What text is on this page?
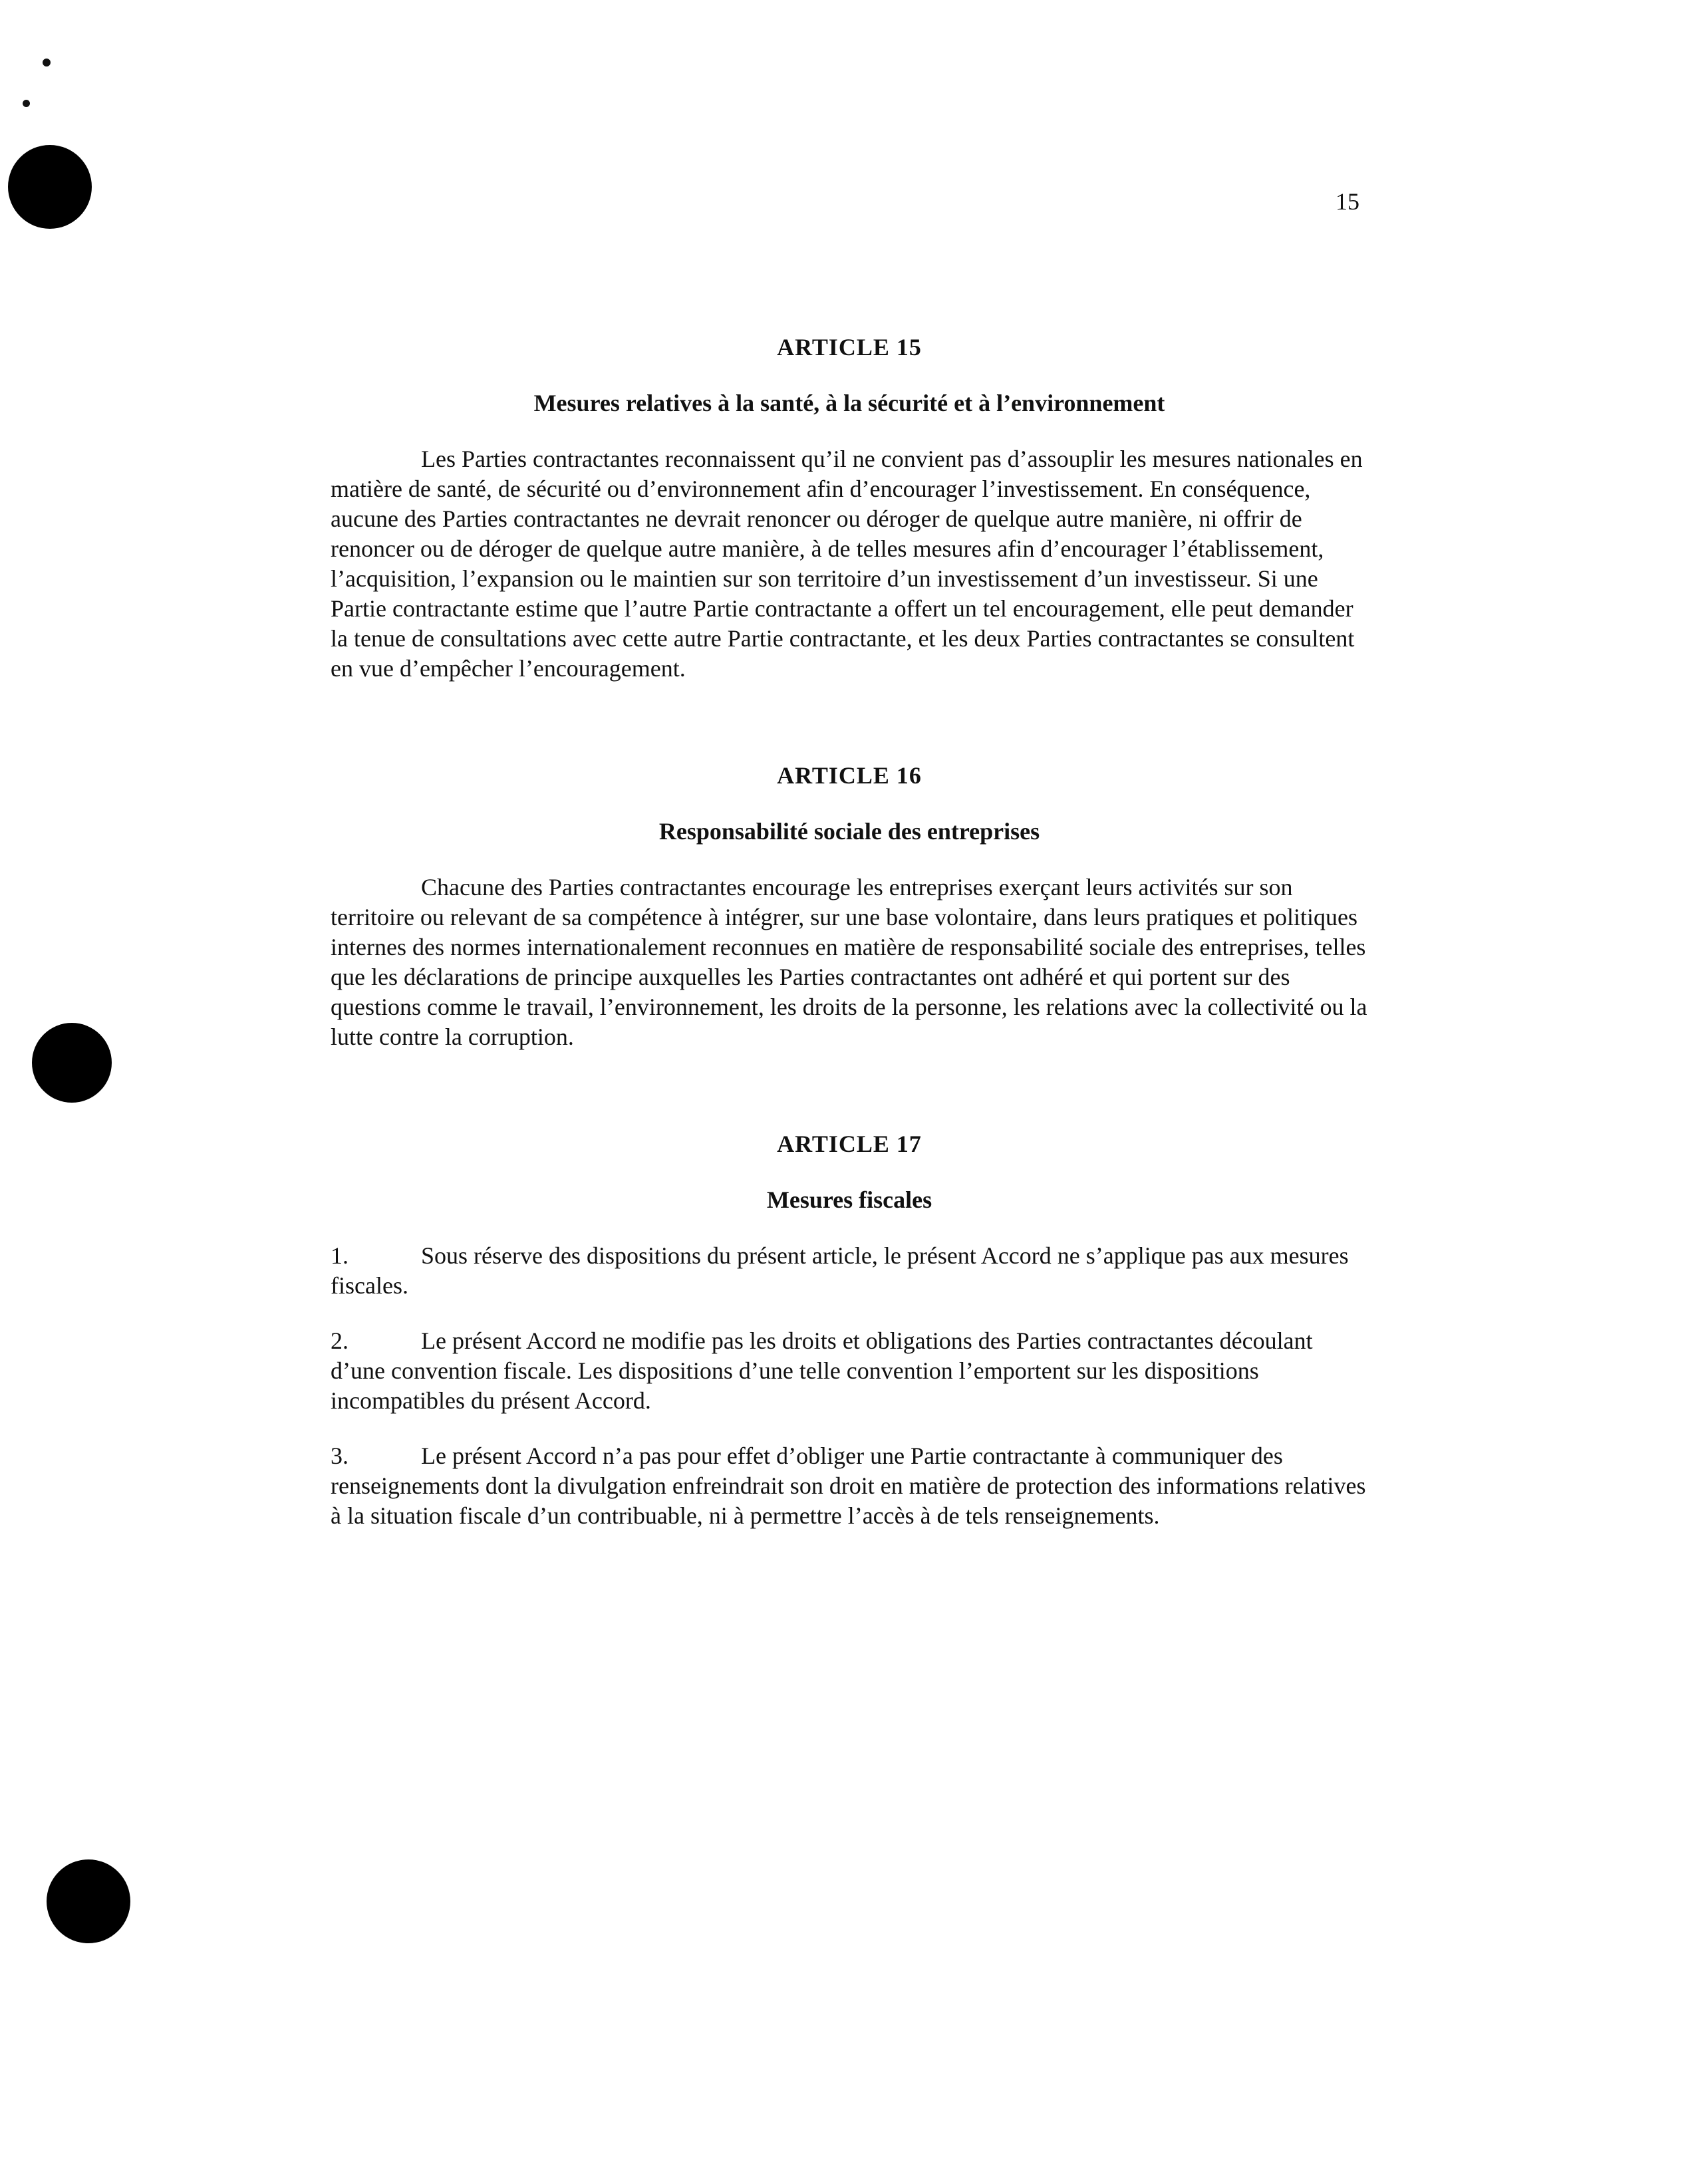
15
ARTICLE 15
Mesures relatives à la santé, à la sécurité et à l’environnement

Les Parties contractantes reconnaissent qu’il ne convient pas d’assouplir les mesures nationales en matière de santé, de sécurité ou d’environnement afin d’encourager l’investissement. En conséquence, aucune des Parties contractantes ne devrait renoncer ou déroger de quelque autre manière, ni offrir de renoncer ou de déroger de quelque autre manière, à de telles mesures afin d’encourager l’établissement, l’acquisition, l’expansion ou le maintien sur son territoire d’un investissement d’un investisseur. Si une Partie contractante estime que l’autre Partie contractante a offert un tel encouragement, elle peut demander la tenue de consultations avec cette autre Partie contractante, et les deux Parties contractantes se consultent en vue d’empêcher l’encouragement.

ARTICLE 16
Responsabilité sociale des entreprises

Chacune des Parties contractantes encourage les entreprises exerçant leurs activités sur son territoire ou relevant de sa compétence à intégrer, sur une base volontaire, dans leurs pratiques et politiques internes des normes internationalement reconnues en matière de responsabilité sociale des entreprises, telles que les déclarations de principe auxquelles les Parties contractantes ont adhéré et qui portent sur des questions comme le travail, l’environnement, les droits de la personne, les relations avec la collectivité ou la lutte contre la corruption.

ARTICLE 17
Mesures fiscales

1.	Sous réserve des dispositions du présent article, le présent Accord ne s’applique pas aux mesures fiscales.

2.	Le présent Accord ne modifie pas les droits et obligations des Parties contractantes découlant d’une convention fiscale. Les dispositions d’une telle convention l’emportent sur les dispositions incompatibles du présent Accord.

3.	Le présent Accord n’a pas pour effet d’obliger une Partie contractante à communiquer des renseignements dont la divulgation enfreindrait son droit en matière de protection des informations relatives à la situation fiscale d’un contribuable, ni à permettre l’accès à de tels renseignements.
